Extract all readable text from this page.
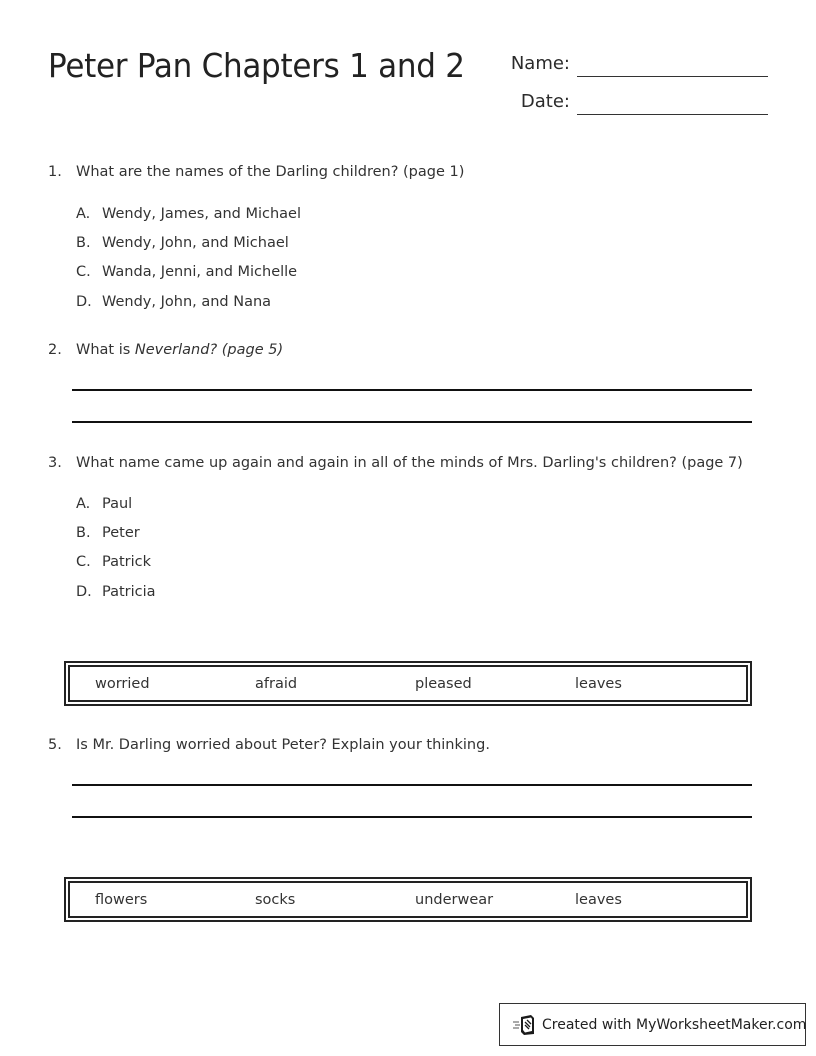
Peter Pan Chapters 1 and 2	Name:
Date:
1. What are the names of the Darling children? (page 1)
A. Wendy, James, and Michael
B. Wendy, John, and Michael
C. Wanda, Jenni, and Michelle
D. Wendy, John, and Nana
2. What is Neverland? (page 5)
3. What name came up again and again in all of the minds of Mrs. Darling's children? (page 7)
A. Paul
B. Peter
C. Patrick
D. Patricia
worried	afraid	pleased	leaves
5. Is Mr. Darling worried about Peter? Explain your thinking.
flowers	socks	underwear	leaves
Created with MyWorksheetMaker.com
